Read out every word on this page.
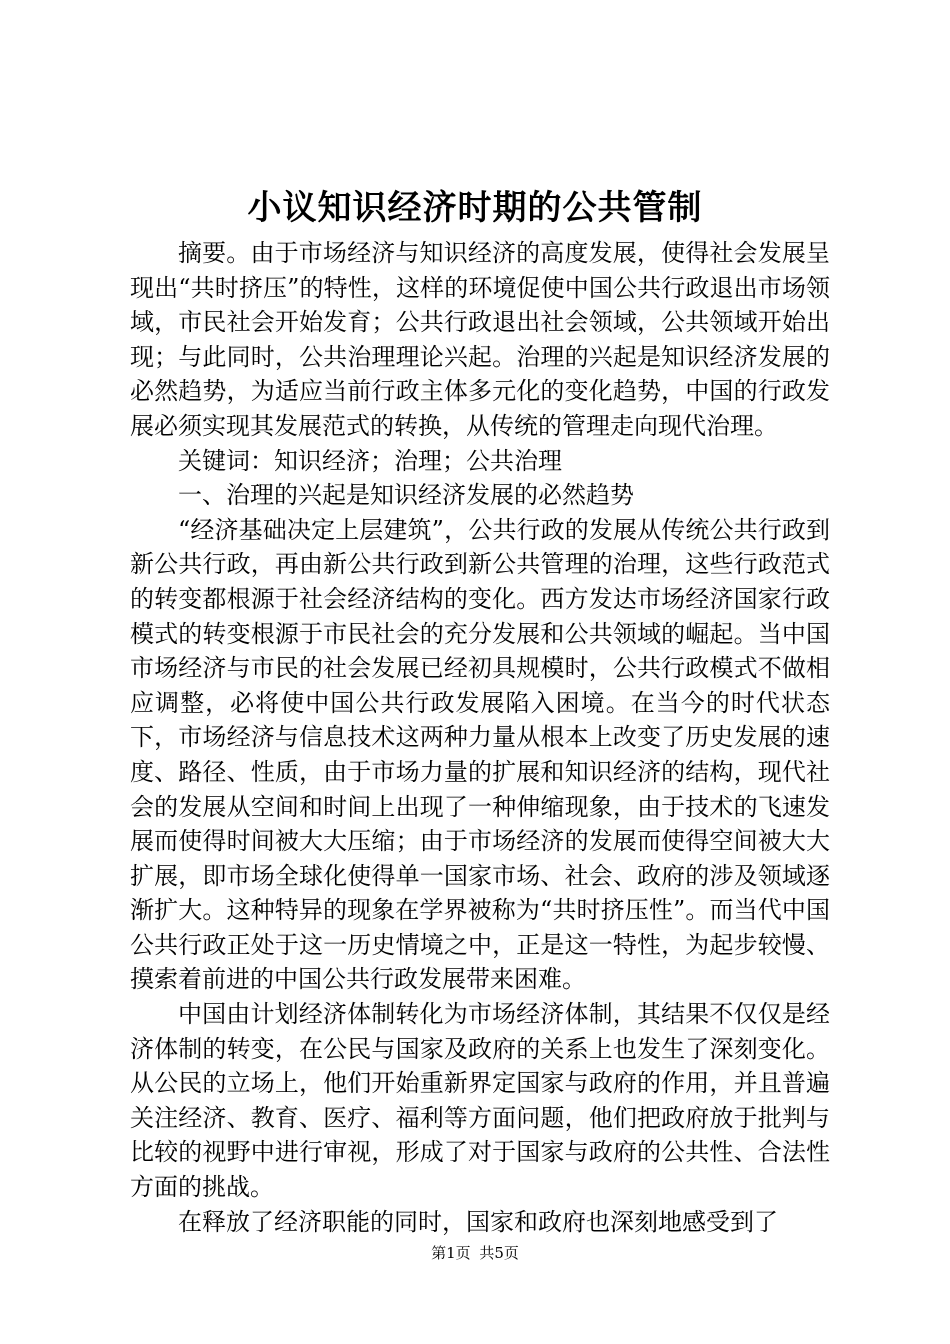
小议知识经济时期的公共管制

摘要。由于市场经济与知识经济的高度发展，使得社会发展呈现出“共时挤压”的特性，这样的环境促使中国公共行政退出市场领域，市民社会开始发育；公共行政退出社会领域，公共领域开始出现；与此同时，公共治理理论兴起。治理的兴起是知识经济发展的必然趋势，为适应当前行政主体多元化的变化趋势，中国的行政发展必须实现其发展范式的转换，从传统的管理走向现代治理。

关键词：知识经济；治理；公共治理

一、治理的兴起是知识经济发展的必然趋势

“经济基础决定上层建筑”，公共行政的发展从传统公共行政到新公共行政，再由新公共行政到新公共管理的治理，这些行政范式的转变都根源于社会经济结构的变化。西方发达市场经济国家行政模式的转变根源于市民社会的充分发展和公共领域的崛起。当中国市场经济与市民的社会发展已经初具规模时，公共行政模式不做相应调整，必将使中国公共行政发展陷入困境。在当今的时代状态下，市场经济与信息技术这两种力量从根本上改变了历史发展的速度、路径、性质，由于市场力量的扩展和知识经济的结构，现代社会的发展从空间和时间上出现了一种伸缩现象，由于技术的飞速发展而使得时间被大大压缩；由于市场经济的发展而使得空间被大大扩展，即市场全球化使得单一国家市场、社会、政府的涉及领域逐渐扩大。这种特异的现象在学界被称为“共时挤压性”。而当代中国公共行政正处于这一历史情境之中，正是这一特性，为起步较慢、摸索着前进的中国公共行政发展带来困难。

中国由计划经济体制转化为市场经济体制，其结果不仅仅是经济体制的转变，在公民与国家及政府的关系上也发生了深刻变化。从公民的立场上，他们开始重新界定国家与政府的作用，并且普遍关注经济、教育、医疗、福利等方面问题，他们把政府放于批判与比较的视野中进行审视，形成了对于国家与政府的公共性、合法性方面的挑战。

在释放了经济职能的同时，国家和政府也深刻地感受到了

第1页 共5页
